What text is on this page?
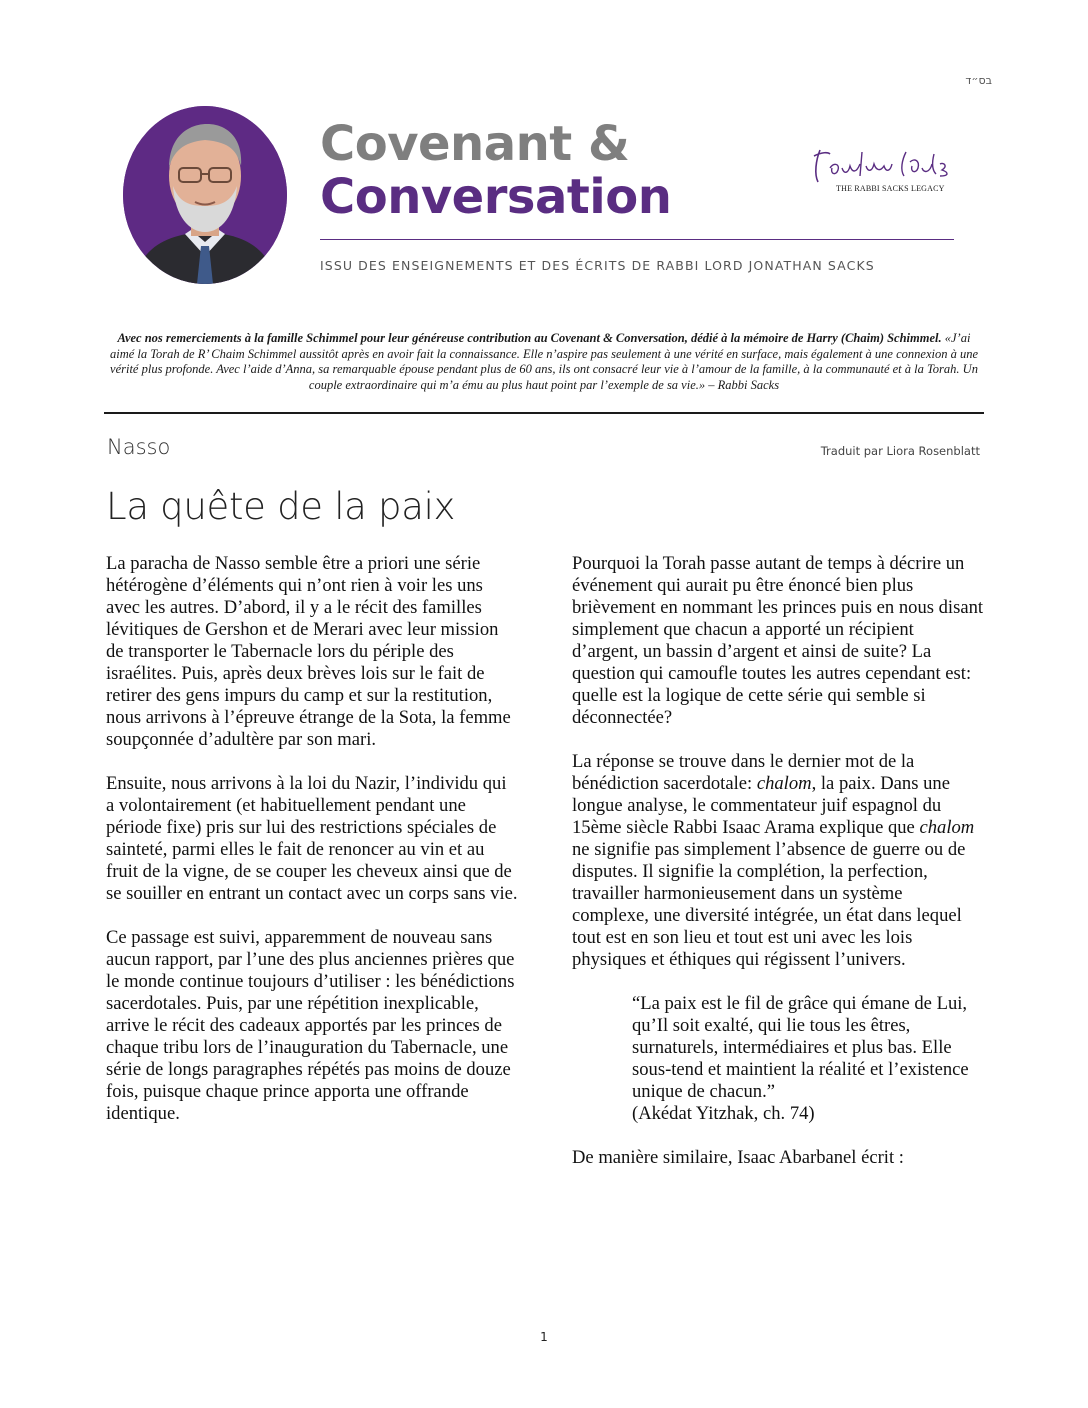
בס״ד
Covenant &
Conversation	THE RABBI SACKS LEGACY
ISSU DES ENSEIGNEMENTS ET DES ÉCRITS DE RABBI LORD JONATHAN SACKS
Avec nos remerciements à la famille Schimmel pour leur généreuse contribution au Covenant & Conversation, dédié à la mémoire de Harry (Chaim) Schimmel. «J’ai aimé la Torah de R’ Chaim Schimmel aussitôt après en avoir fait la connaissance. Elle n’aspire pas seulement à une vérité en surface, mais également à une connexion à une vérité plus profonde. Avec l’aide d’Anna, sa remarquable épouse pendant plus de 60 ans, ils ont consacré leur vie à l’amour de la famille, à la communauté et à la Torah. Un couple extraordinaire qui m’a ému au plus haut point par l’exemple de sa vie.» – Rabbi Sacks
Nasso	Traduit par Liora Rosenblatt
La quête de la paix

La paracha de Nasso semble être a priori une série hétérogène d’éléments qui n’ont rien à voir les uns avec les autres. D’abord, il y a le récit des familles lévitiques de Gershon et de Merari avec leur mission de transporter le Tabernacle lors du périple des israélites. Puis, après deux brèves lois sur le fait de retirer des gens impurs du camp et sur la restitution, nous arrivons à l’épreuve étrange de la Sota, la femme soupçonnée d’adultère par son mari.

Ensuite, nous arrivons à la loi du Nazir, l’individu qui a volontairement (et habituellement pendant une période fixe) pris sur lui des restrictions spéciales de sainteté, parmi elles le fait de renoncer au vin et au fruit de la vigne, de se couper les cheveux ainsi que de se souiller en entrant un contact avec un corps sans vie.

Ce passage est suivi, apparemment de nouveau sans aucun rapport, par l’une des plus anciennes prières que le monde continue toujours d’utiliser : les bénédictions sacerdotales. Puis, par une répétition inexplicable, arrive le récit des cadeaux apportés par les princes de chaque tribu lors de l’inauguration du Tabernacle, une série de longs paragraphes répétés pas moins de douze fois, puisque chaque prince apporta une offrande identique.

Pourquoi la Torah passe autant de temps à décrire un événement qui aurait pu être énoncé bien plus brièvement en nommant les princes puis en nous disant simplement que chacun a apporté un récipient d’argent, un bassin d’argent et ainsi de suite? La question qui camoufle toutes les autres cependant est: quelle est la logique de cette série qui semble si déconnectée?

La réponse se trouve dans le dernier mot de la bénédiction sacerdotale: chalom, la paix. Dans une longue analyse, le commentateur juif espagnol du 15ème siècle Rabbi Isaac Arama explique que chalom ne signifie pas simplement l’absence de guerre ou de disputes. Il signifie la complétion, la perfection, travailler harmonieusement dans un système complexe, une diversité intégrée, un état dans lequel tout est en son lieu et tout est uni avec les lois physiques et éthiques qui régissent l’univers.

“La paix est le fil de grâce qui émane de Lui, qu’Il soit exalté, qui lie tous les êtres, surnaturels, intermédiaires et plus bas. Elle sous-tend et maintient la réalité et l’existence unique de chacun.”

(Akédat Yitzhak, ch. 74)

De manière similaire, Isaac Abarbanel écrit :

1
